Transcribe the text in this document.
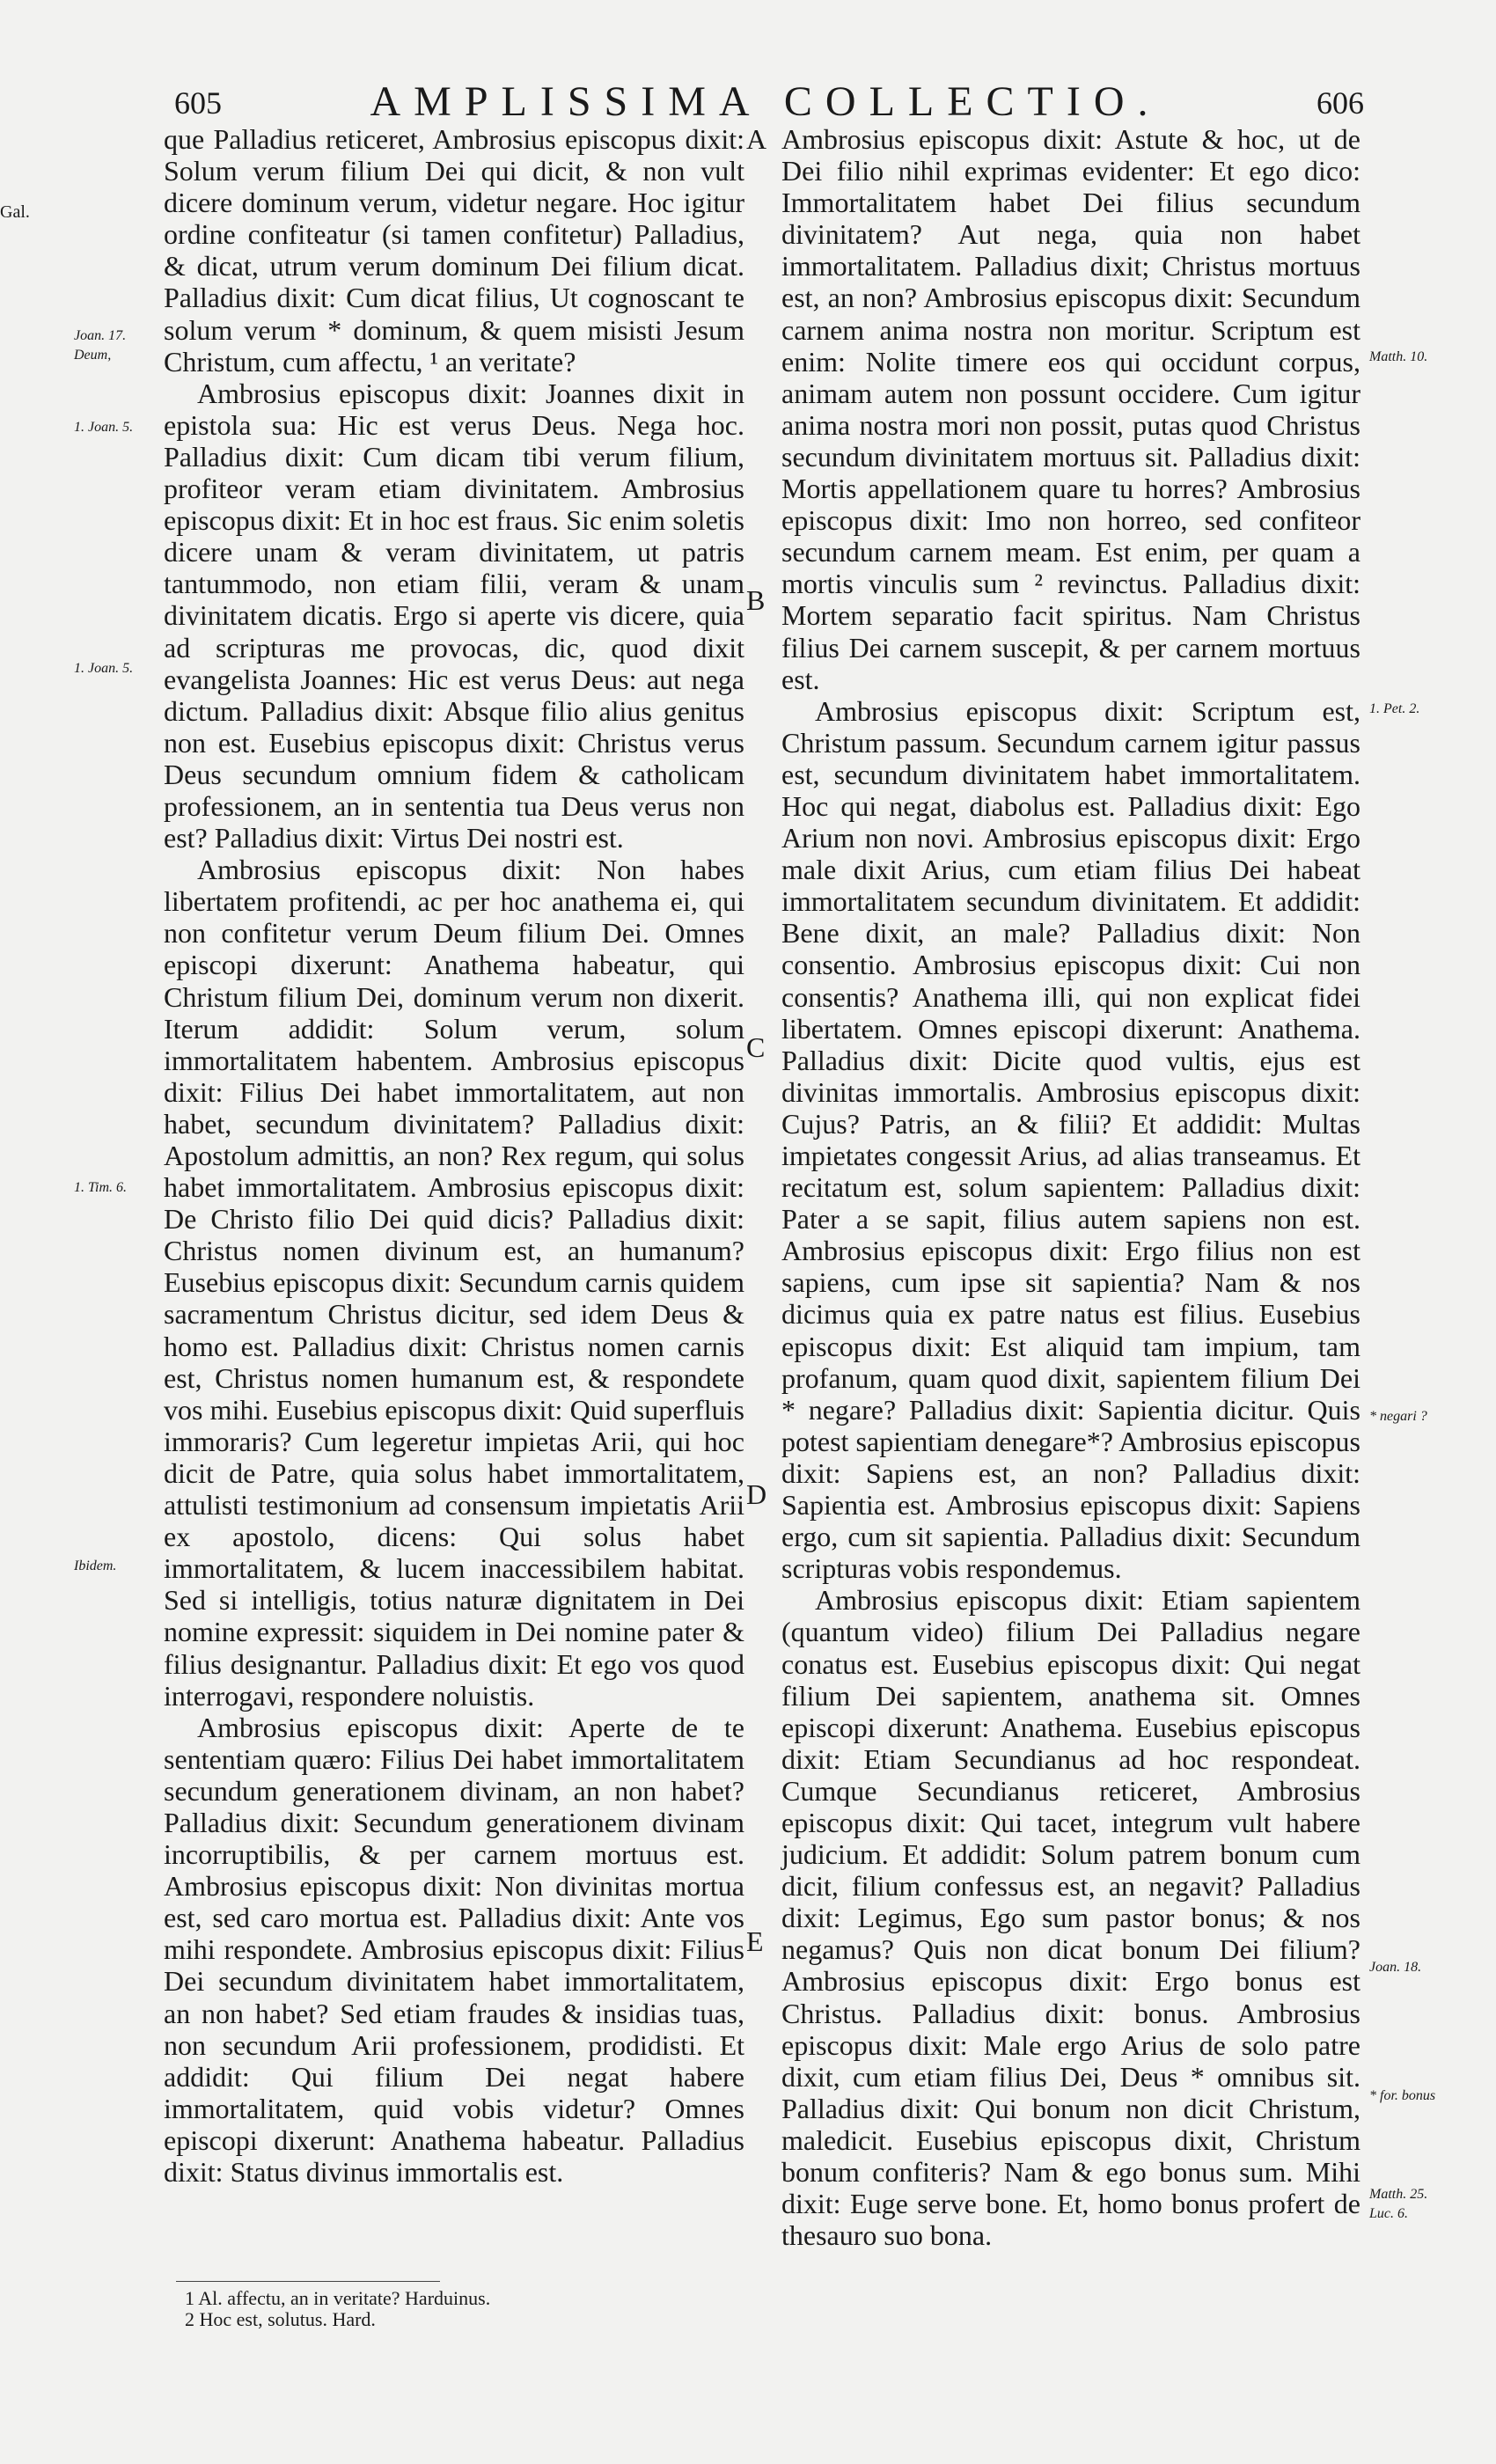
Gal.
605	AMPLISSIMA COLLECTIO.	606
Joan. 17.
Deum,
1. Joan. 5.
1. Joan. 5.
1. Tim. 6.
Ibidem.
Matth. 10.
1. Pet. 2.
* negari ?
Joan. 18.
* for. bonus
Matth. 25.
Luc. 6.
A
B
C
D
E

que Palladius reticeret, Ambrosius episcopus dixit: Solum verum filium Dei qui dicit, & non vult dicere dominum verum, videtur negare. Hoc igitur ordine confiteatur (si tamen confitetur) Palladius, & dicat, utrum verum dominum Dei filium dicat. Palladius dixit: Cum dicat filius, Ut cognoscant te solum verum * dominum, & quem misisti Jesum Christum, cum affectu, ¹ an veritate?

Ambrosius episcopus dixit: Joannes dixit in epistola sua: Hic est verus Deus. Nega hoc. Palladius dixit: Cum dicam tibi verum filium, profiteor veram etiam divinitatem. Ambrosius episcopus dixit: Et in hoc est fraus. Sic enim soletis dicere unam & veram divinitatem, ut patris tantummodo, non etiam filii, veram & unam divinitatem dicatis. Ergo si aperte vis dicere, quia ad scripturas me provocas, dic, quod dixit evangelista Joannes: Hic est verus Deus: aut nega dictum. Palladius dixit: Absque filio alius genitus non est. Eusebius episcopus dixit: Christus verus Deus secundum omnium fidem & catholicam professionem, an in sententia tua Deus verus non est? Palladius dixit: Virtus Dei nostri est.

Ambrosius episcopus dixit: Non habes libertatem profitendi, ac per hoc anathema ei, qui non confitetur verum Deum filium Dei. Omnes episcopi dixerunt: Anathema habeatur, qui Christum filium Dei, dominum verum non dixerit. Iterum addidit: Solum verum, solum immortalitatem habentem. Ambrosius episcopus dixit: Filius Dei habet immortalitatem, aut non habet, secundum divinitatem? Palladius dixit: Apostolum admittis, an non? Rex regum, qui solus habet immortalitatem. Ambrosius episcopus dixit: De Christo filio Dei quid dicis? Palladius dixit: Christus nomen divinum est, an humanum? Eusebius episcopus dixit: Secundum carnis quidem sacramentum Christus dicitur, sed idem Deus & homo est. Palladius dixit: Christus nomen carnis est, Christus nomen humanum est, & respondete vos mihi. Eusebius episcopus dixit: Quid superfluis immoraris? Cum legeretur impietas Arii, qui hoc dicit de Patre, quia solus habet immortalitatem, attulisti testimonium ad consensum impietatis Arii ex apostolo, dicens: Qui solus habet immortalitatem, & lucem inaccessibilem habitat. Sed si intelligis, totius naturæ dignitatem in Dei nomine expressit: siquidem in Dei nomine pater & filius designantur. Palladius dixit: Et ego vos quod interrogavi, respondere noluistis.

Ambrosius episcopus dixit: Aperte de te sententiam quæro: Filius Dei habet immortalitatem secundum generationem divinam, an non habet? Palladius dixit: Secundum generationem divinam incorruptibilis, & per carnem mortuus est. Ambrosius episcopus dixit: Non divinitas mortua est, sed caro mortua est. Palladius dixit: Ante vos mihi respondete. Ambrosius episcopus dixit: Filius Dei secundum divinitatem habet immortalitatem, an non habet? Sed etiam fraudes & insidias tuas, non secundum Arii professionem, prodidisti. Et addidit: Qui filium Dei negat habere immortalitatem, quid vobis videtur? Omnes episcopi dixerunt: Anathema habeatur. Palladius dixit: Status divinus immortalis est.

Ambrosius episcopus dixit: Astute & hoc, ut de Dei filio nihil exprimas evidenter: Et ego dico: Immortalitatem habet Dei filius secundum divinitatem? Aut nega, quia non habet immortalitatem. Palladius dixit; Christus mortuus est, an non? Ambrosius episcopus dixit: Secundum carnem anima nostra non moritur. Scriptum est enim: Nolite timere eos qui occidunt corpus, animam autem non possunt occidere. Cum igitur anima nostra mori non possit, putas quod Christus secundum divinitatem mortuus sit. Palladius dixit: Mortis appellationem quare tu horres? Ambrosius episcopus dixit: Imo non horreo, sed confiteor secundum carnem meam. Est enim, per quam a mortis vinculis sum ² revinctus. Palladius dixit: Mortem separatio facit spiritus. Nam Christus filius Dei carnem suscepit, & per carnem mortuus est.

Ambrosius episcopus dixit: Scriptum est, Christum passum. Secundum carnem igitur passus est, secundum divinitatem habet immortalitatem. Hoc qui negat, diabolus est. Palladius dixit: Ego Arium non novi. Ambrosius episcopus dixit: Ergo male dixit Arius, cum etiam filius Dei habeat immortalitatem secundum divinitatem. Et addidit: Bene dixit, an male? Palladius dixit: Non consentio. Ambrosius episcopus dixit: Cui non consentis? Anathema illi, qui non explicat fidei libertatem. Omnes episcopi dixerunt: Anathema. Palladius dixit: Dicite quod vultis, ejus est divinitas immortalis. Ambrosius episcopus dixit: Cujus? Patris, an & filii? Et addidit: Multas impietates congessit Arius, ad alias transeamus. Et recitatum est, solum sapientem: Palladius dixit: Pater a se sapit, filius autem sapiens non est. Ambrosius episcopus dixit: Ergo filius non est sapiens, cum ipse sit sapientia? Nam & nos dicimus quia ex patre natus est filius. Eusebius episcopus dixit: Est aliquid tam impium, tam profanum, quam quod dixit, sapientem filium Dei * negare? Palladius dixit: Sapientia dicitur. Quis potest sapientiam denegare*? Ambrosius episcopus dixit: Sapiens est, an non? Palladius dixit: Sapientia est. Ambrosius episcopus dixit: Sapiens ergo, cum sit sapientia. Palladius dixit: Secundum scripturas vobis respondemus.

Ambrosius episcopus dixit: Etiam sapientem (quantum video) filium Dei Palladius negare conatus est. Eusebius episcopus dixit: Qui negat filium Dei sapientem, anathema sit. Omnes episcopi dixerunt: Anathema. Eusebius episcopus dixit: Etiam Secundianus ad hoc respondeat. Cumque Secundianus reticeret, Ambrosius episcopus dixit: Qui tacet, integrum vult habere judicium. Et addidit: Solum patrem bonum cum dicit, filium confessus est, an negavit? Palladius dixit: Legimus, Ego sum pastor bonus; & nos negamus? Quis non dicat bonum Dei filium? Ambrosius episcopus dixit: Ergo bonus est Christus. Palladius dixit: bonus. Ambrosius episcopus dixit: Male ergo Arius de solo patre dixit, cum etiam filius Dei, Deus * omnibus sit. Palladius dixit: Qui bonum non dicit Christum, maledicit. Eusebius episcopus dixit, Christum bonum confiteris? Nam & ego bonus sum. Mihi dixit: Euge serve bone. Et, homo bonus profert de thesauro suo bona.

1 Al. affectu, an in veritate? Harduinus.
2 Hoc est, solutus. Hard.
